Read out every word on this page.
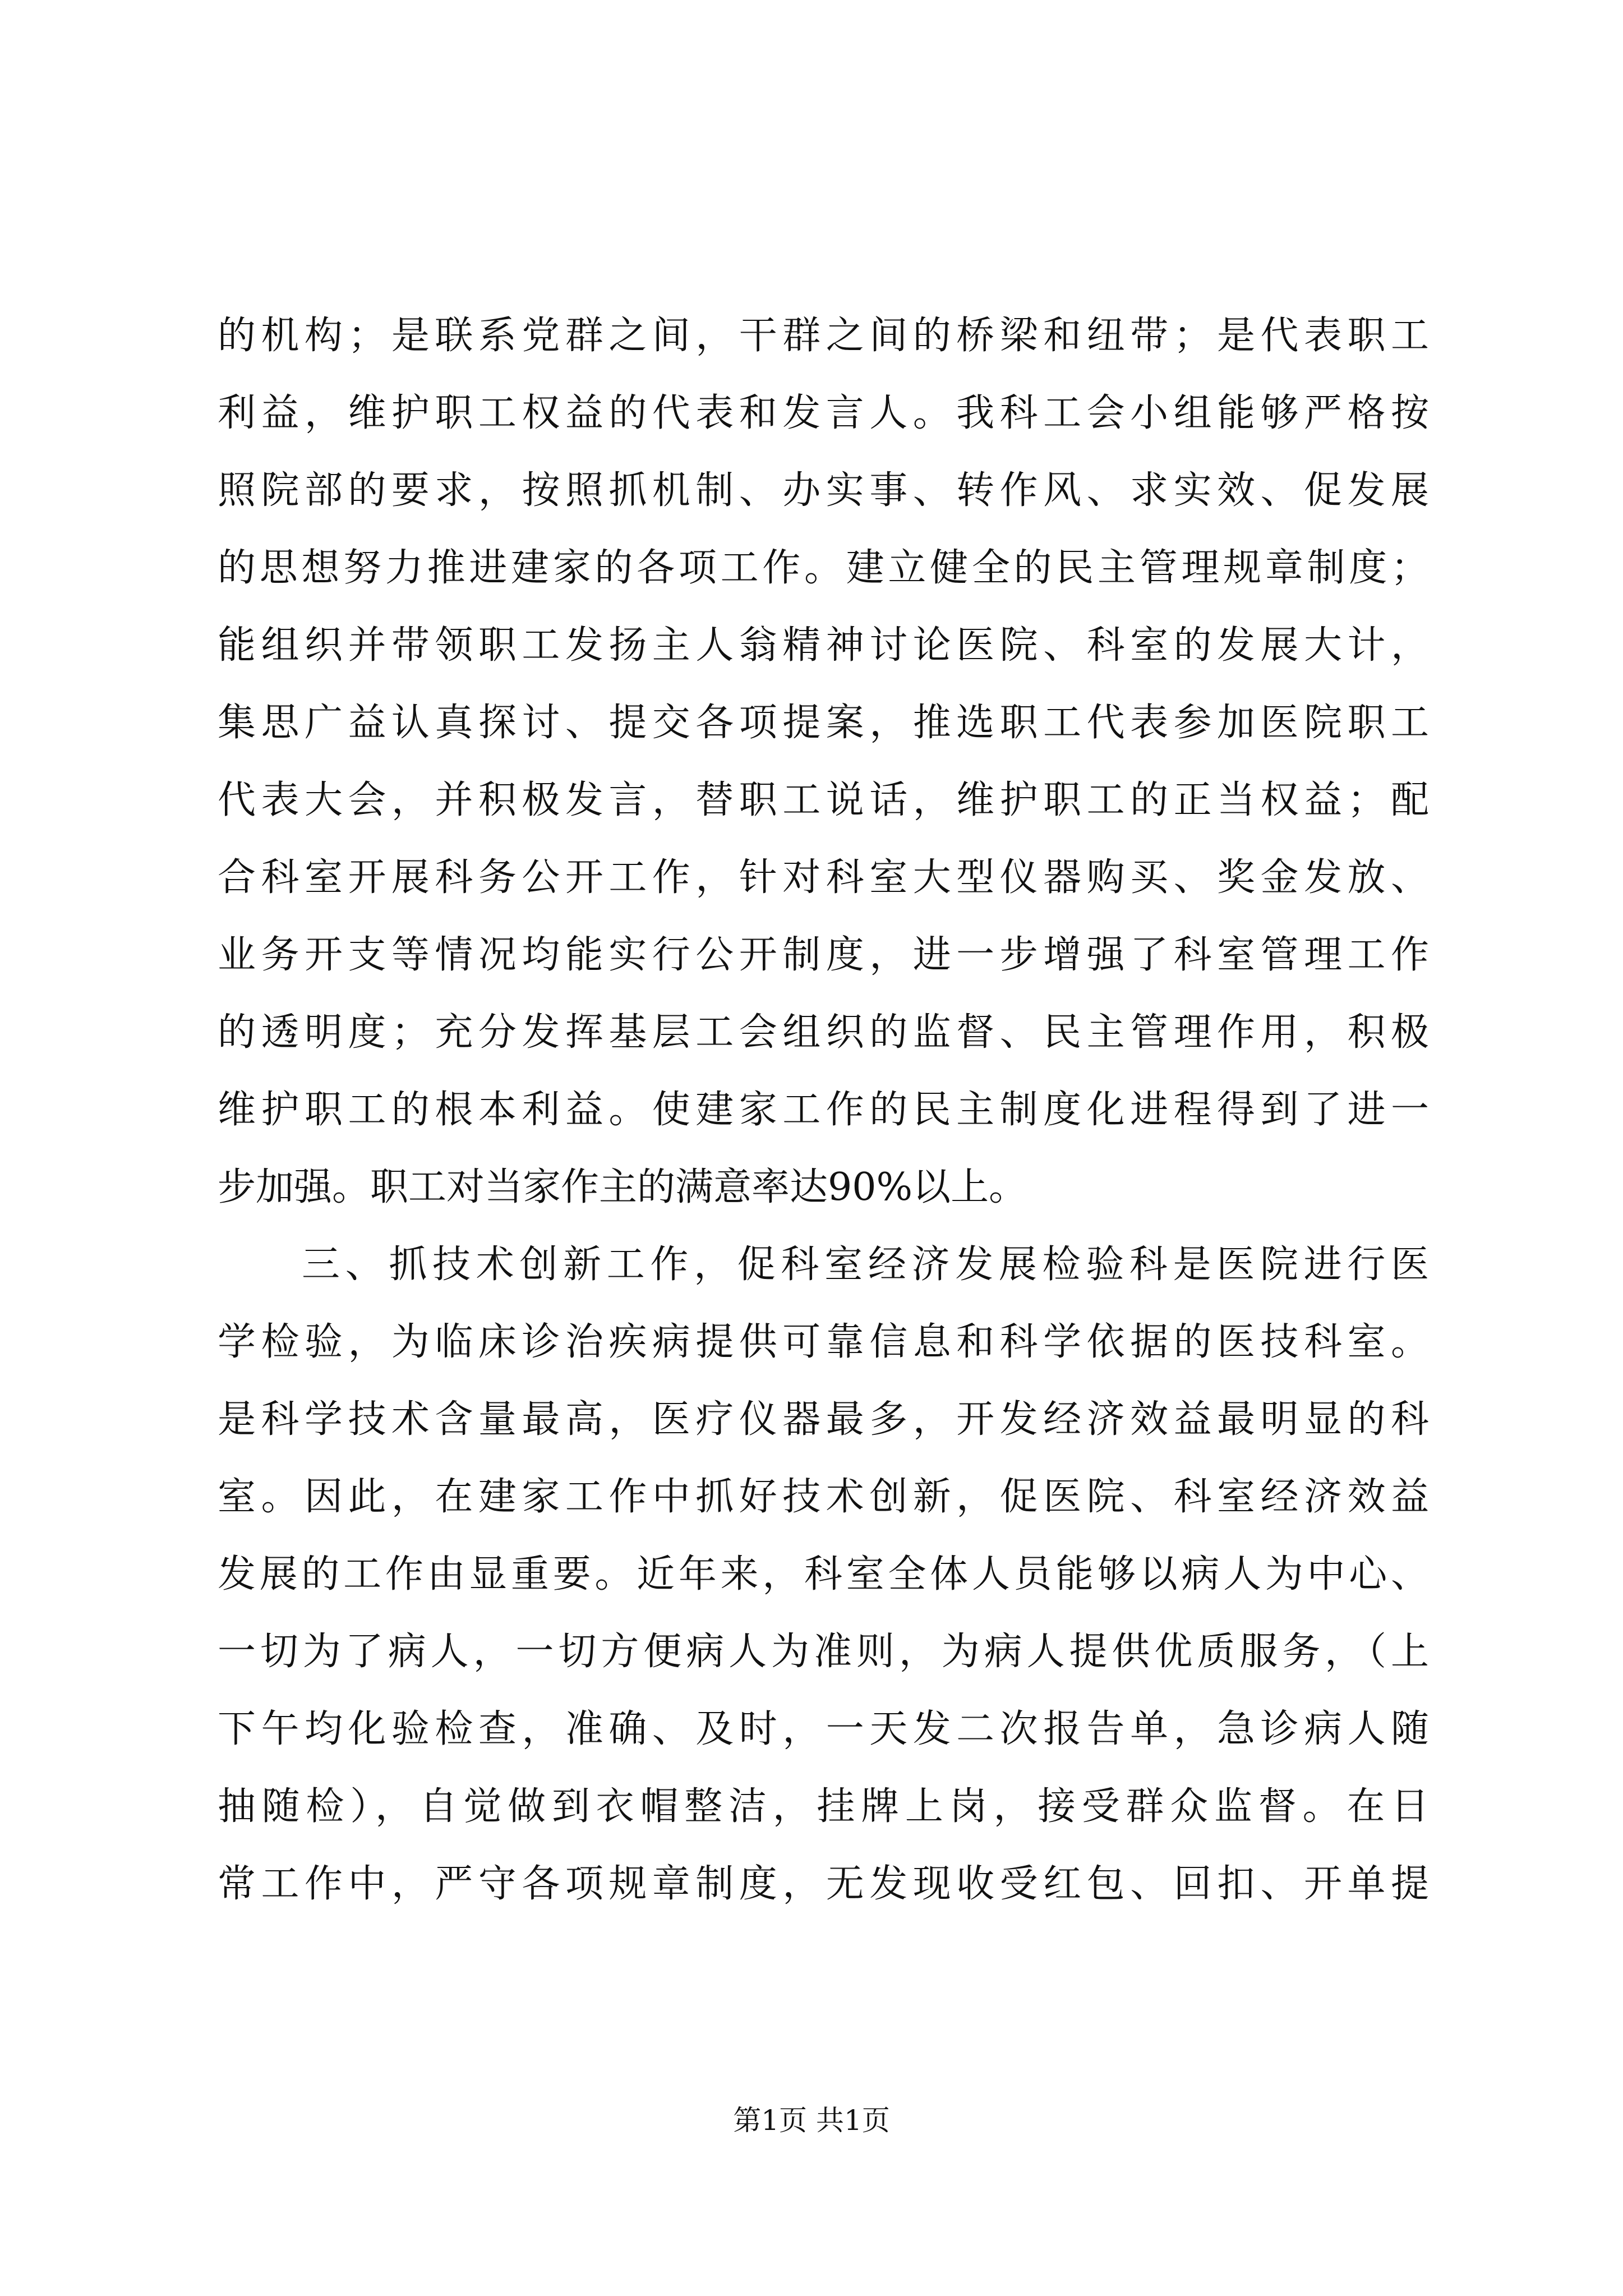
的机构；是联系党群之间，干群之间的桥梁和纽带；是代表职工
利益，维护职工权益的代表和发言人。我科工会小组能够严格按
照院部的要求，按照抓机制、办实事、转作风、求实效、促发展
的思想努力推进建家的各项工作。建立健全的民主管理规章制度；
能组织并带领职工发扬主人翁精神讨论医院、科室的发展大计，
集思广益认真探讨、提交各项提案，推选职工代表参加医院职工
代表大会，并积极发言，替职工说话，维护职工的正当权益；配
合科室开展科务公开工作，针对科室大型仪器购买、奖金发放、
业务开支等情况均能实行公开制度，进一步增强了科室管理工作
的透明度；充分发挥基层工会组织的监督、民主管理作用，积极
维护职工的根本利益。使建家工作的民主制度化进程得到了进一
步加强。职工对当家作主的满意率达90%以上。
三、抓技术创新工作，促科室经济发展检验科是医院进行医
学检验，为临床诊治疾病提供可靠信息和科学依据的医技科室。
是科学技术含量最高，医疗仪器最多，开发经济效益最明显的科
室。因此，在建家工作中抓好技术创新，促医院、科室经济效益
发展的工作由显重要。近年来，科室全体人员能够以病人为中心、
一切为了病人，一切方便病人为准则，为病人提供优质服务，（上
下午均化验检查，准确、及时，一天发二次报告单，急诊病人随
抽随检），自觉做到衣帽整洁，挂牌上岗，接受群众监督。在日
常工作中，严守各项规章制度，无发现收受红包、回扣、开单提
第1页 共1页
